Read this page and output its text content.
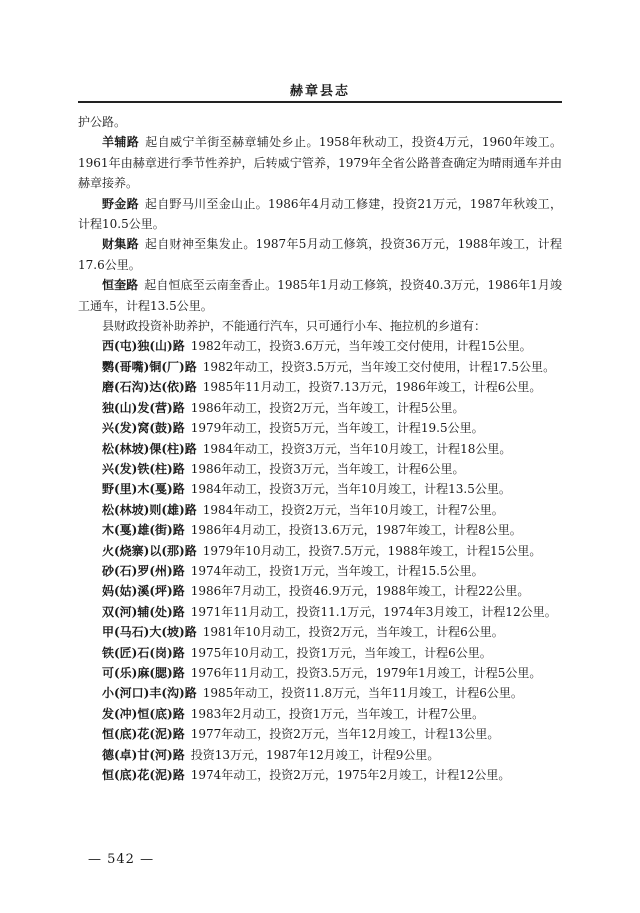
赫章县志

护公路。

羊辅路 起自威宁羊街至赫章辅处乡止。1958年秋动工，投资4万元，1960年竣工。1961年由赫章进行季节性养护，后转威宁管养，1979年全省公路普查确定为晴雨通车并由赫章接养。

野金路 起自野马川至金山止。1986年4月动工修建，投资21万元，1987年秋竣工，计程10.5公里。

财集路 起自财神至集发止。1987年5月动工修筑，投资36万元，1988年竣工，计程17.6公里。

恒奎路 起自恒底至云南奎香止。1985年1月动工修筑，投资40.3万元，1986年1月竣工通车，计程13.5公里。

县财政投资补助养护，不能通行汽车，只可通行小车、拖拉机的乡道有：

西(屯)独(山)路 1982年动工，投资3.6万元，当年竣工交付使用，计程15公里。

鹦(哥嘴)铜(厂)路 1982年动工，投资3.5万元，当年竣工交付使用，计程17.5公里。

磨(石沟)达(依)路 1985年11月动工，投资7.13万元，1986年竣工，计程6公里。

独(山)发(营)路 1986年动工，投资2万元，当年竣工，计程5公里。

兴(发)窝(鼓)路 1979年动工，投资5万元，当年竣工，计程19.5公里。

松(林坡)倮(柱)路 1984年动工，投资3万元，当年10月竣工，计程18公里。

兴(发)铁(柱)路 1986年动工，投资3万元，当年竣工，计程6公里。

野(里)木(戛)路 1984年动工，投资3万元，当年10月竣工，计程13.5公里。

松(林坡)则(雄)路 1984年动工，投资2万元，当年10月竣工，计程7公里。

木(戛)雄(街)路 1986年4月动工，投资13.6万元，1987年竣工，计程8公里。

火(烧寨)以(那)路 1979年10月动工，投资7.5万元，1988年竣工，计程15公里。

砂(石)罗(州)路 1974年动工，投资1万元，当年竣工，计程15.5公里。

妈(姑)溪(坪)路 1986年7月动工，投资46.9万元，1988年竣工，计程22公里。

双(河)辅(处)路 1971年11月动工，投资11.1万元，1974年3月竣工，计程12公里。

甲(马石)大(坡)路 1981年10月动工，投资2万元，当年竣工，计程6公里。

铁(匠)石(岗)路 1975年10月动工，投资1万元，当年竣工，计程6公里。

可(乐)麻(腮)路 1976年11月动工，投资3.5万元，1979年1月竣工，计程5公里。

小(河口)丰(沟)路 1985年动工，投资11.8万元，当年11月竣工，计程6公里。

发(冲)恒(底)路 1983年2月动工，投资1万元，当年竣工，计程7公里。

恒(底)花(泥)路 1977年动工，投资2万元，当年12月竣工，计程13公里。

德(卓)甘(河)路 投资13万元，1987年12月竣工，计程9公里。

恒(底)花(泥)路 1974年动工，投资2万元，1975年2月竣工，计程12公里。

— 542 —
